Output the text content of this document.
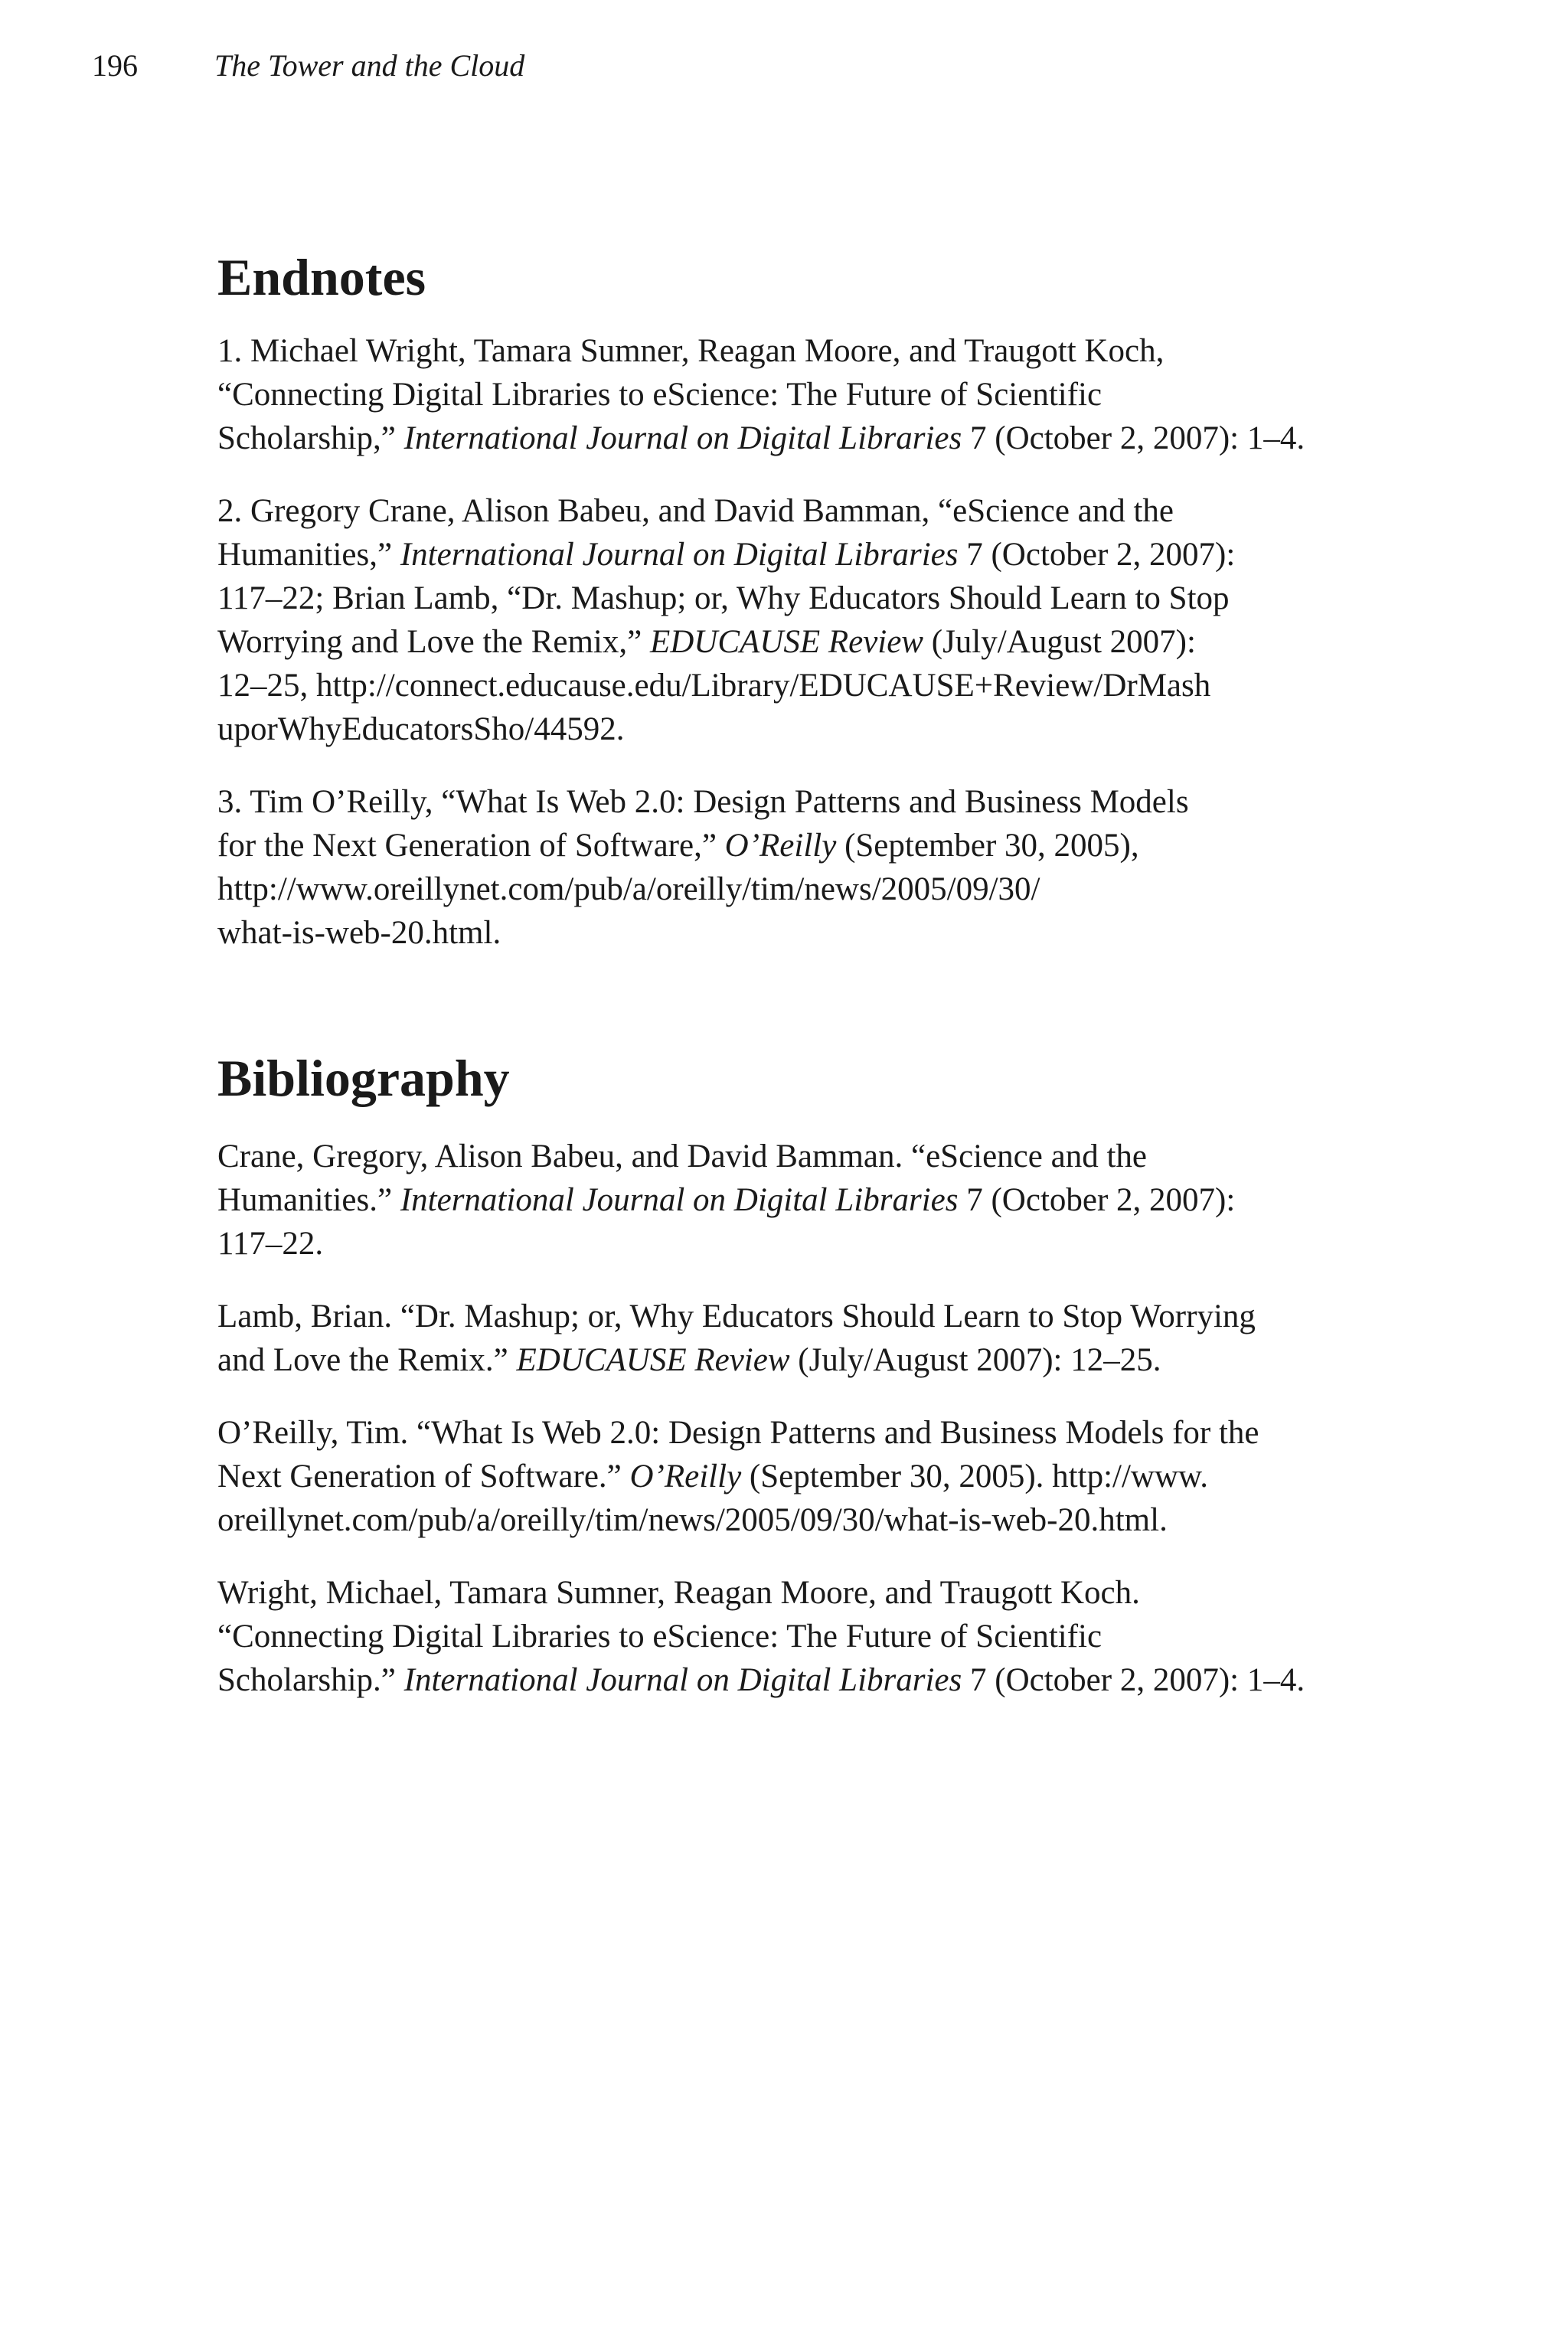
196	The Tower and the Cloud
Endnotes

1. Michael Wright, Tamara Sumner, Reagan Moore, and Traugott Koch,
“Connecting Digital Libraries to eScience: The Future of Scientific
Scholarship,” International Journal on Digital Libraries 7 (October 2, 2007): 1–4.

2. Gregory Crane, Alison Babeu, and David Bamman, “eScience and the
Humanities,” International Journal on Digital Libraries 7 (October 2, 2007):
117–22; Brian Lamb, “Dr. Mashup; or, Why Educators Should Learn to Stop
Worrying and Love the Remix,” EDUCAUSE Review (July/August 2007):
12–25, http://connect.educause.edu/Library/EDUCAUSE+Review/DrMash
uporWhyEducatorsSho/44592.

3. Tim O’Reilly, “What Is Web 2.0: Design Patterns and Business Models
for the Next Generation of Software,” O’Reilly (September 30, 2005),
http://www.oreillynet.com/pub/a/oreilly/tim/news/2005/09/30/
what-is-web-20.html.

Bibliography

Crane, Gregory, Alison Babeu, and David Bamman. “eScience and the
Humanities.” International Journal on Digital Libraries 7 (October 2, 2007):
117–22.

Lamb, Brian. “Dr. Mashup; or, Why Educators Should Learn to Stop Worrying
and Love the Remix.” EDUCAUSE Review (July/August 2007): 12–25.

O’Reilly, Tim. “What Is Web 2.0: Design Patterns and Business Models for the
Next Generation of Software.” O’Reilly (September 30, 2005). http://www.
oreillynet.com/pub/a/oreilly/tim/news/2005/09/30/what-is-web-20.html.

Wright, Michael, Tamara Sumner, Reagan Moore, and Traugott Koch.
“Connecting Digital Libraries to eScience: The Future of Scientific
Scholarship.” International Journal on Digital Libraries 7 (October 2, 2007): 1–4.
